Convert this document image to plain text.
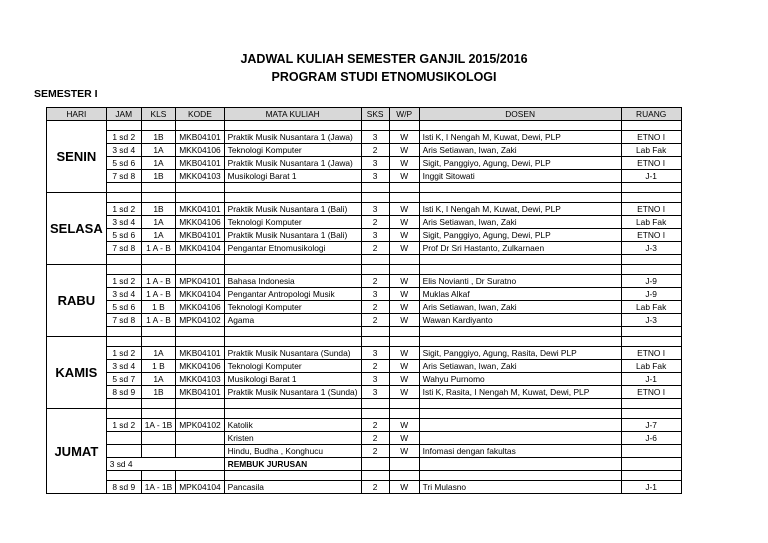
JADWAL KULIAH SEMESTER GANJIL 2015/2016
PROGRAM STUDI ETNOMUSIKOLOGI
SEMESTER I
HARI	JAM	KLS	KODE	MATA KULIAH	SKS	W/P	DOSEN	RUANG
SENIN								
	1 sd 2	1B	MKB04101	Praktik Musik Nusantara 1 (Jawa)	3	W	Isti K, I Nengah M, Kuwat, Dewi, PLP	ETNO I
	3 sd 4	1A	MKK04106	Teknologi Komputer	2	W	Aris Setiawan, Iwan, Zaki	Lab Fak
	5 sd 6	1A	MKB04101	Praktik Musik Nusantara 1 (Jawa)	3	W	Sigit, Panggiyo, Agung, Dewi, PLP	ETNO I
	7 sd 8	1B	MKK04103	Musikologi Barat 1	3	W	Inggit Sitowati	J-1

SELASA								
	1 sd 2	1B	MKK04101	Praktik Musik Nusantara 1 (Bali)	3	W	Isti K, I Nengah M, Kuwat, Dewi, PLP	ETNO I
	3 sd 4	1A	MKK04106	Teknologi Komputer	2	W	Aris Setiawan, Iwan, Zaki	Lab Fak
	5 sd 6	1A	MKB04101	Praktik Musik Nusantara 1 (Bali)	3	W	Sigit, Panggiyo, Agung, Dewi, PLP	ETNO I
	7 sd 8	1 A - B	MKK04104	Pengantar Etnomusikologi	2	W	Prof Dr Sri Hastanto, Zulkarnaen	J-3

RABU								
	1 sd 2	1 A - B	MPK04101	Bahasa Indonesia	2	W	Elis Novianti , Dr Suratno	J-9
	3 sd 4	1 A - B	MKK04104	Pengantar Antropologi Musik	3	W	Muklas Alkaf	J-9
	5 sd 6	1 B	MKK04106	Teknologi Komputer	2	W	Aris Setiawan, Iwan, Zaki	Lab Fak
	7 sd 8	1 A - B	MPK04102	Agama	2	W	Wawan Kardiyanto	J-3

KAMIS								
	1 sd 2	1A	MKB04101	Praktik Musik Nusantara (Sunda)	3	W	Sigit, Panggiyo, Agung, Rasita, Dewi PLP	ETNO I
	3 sd 4	1 B	MKK04106	Teknologi Komputer	2	W	Aris Setiawan, Iwan, Zaki	Lab Fak
	5 sd 7	1A	MKK04103	Musikologi Barat 1	3	W	Wahyu Purnomo	J-1
	8 sd 9	1B	MKB04101	Praktik Musik Nusantara 1 (Sunda)	3	W	Isti K, Rasita, I Nengah M, Kuwat, Dewi, PLP	ETNO I

JUMAT								
	1 sd 2	1A - 1B	MPK04102	Katolik	2	W		J-7
				Kristen	2	W		J-6
				Hindu, Budha , Konghucu	2	W	Infomasi dengan fakultas	
	3 sd 4			REMBUK JURUSAN				

	8 sd 9	1A - 1B	MPK04104	Pancasila	2	W	Tri Mulasno	J-1
